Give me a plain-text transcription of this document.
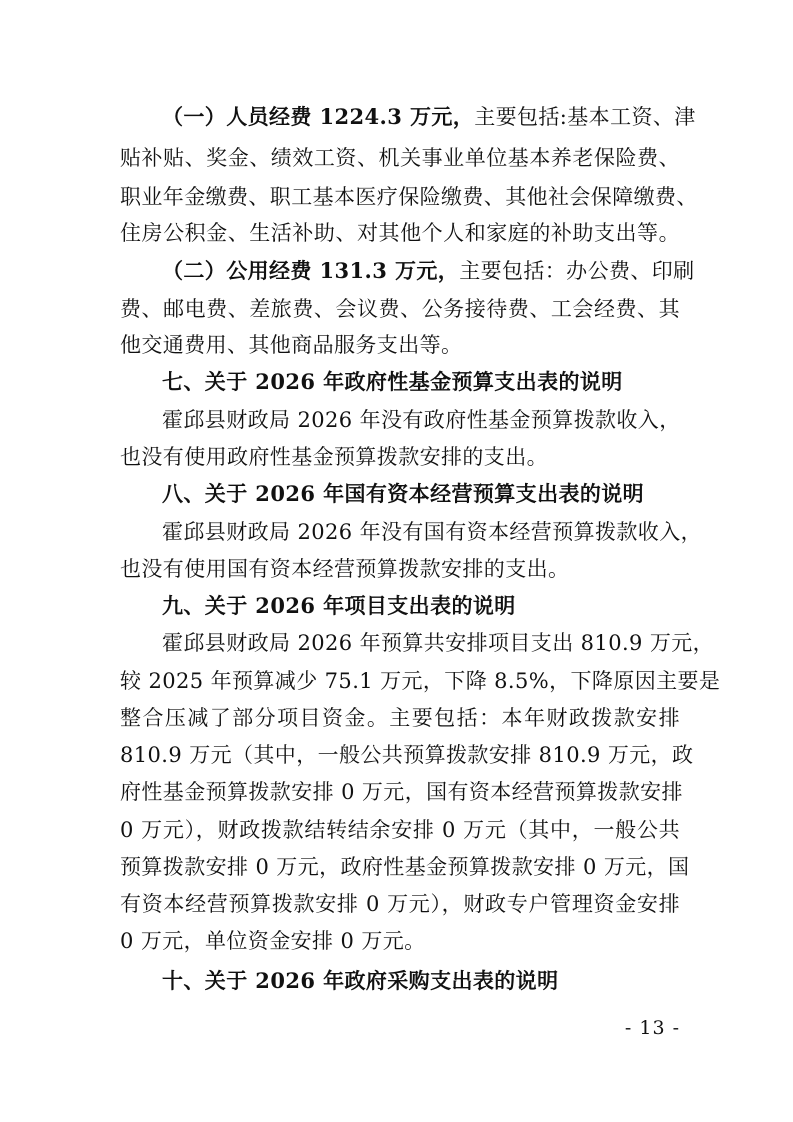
（一）人员经费 1224.3 万元，主要包括:基本工资、津
贴补贴、奖金、绩效工资、机关事业单位基本养老保险费、
职业年金缴费、职工基本医疗保险缴费、其他社会保障缴费、
住房公积金、生活补助、对其他个人和家庭的补助支出等。
（二）公用经费 131.3 万元，主要包括：办公费、印刷
费、邮电费、差旅费、会议费、公务接待费、工会经费、其
他交通费用、其他商品服务支出等。
七、关于 2026 年政府性基金预算支出表的说明
霍邱县财政局 2026 年没有政府性基金预算拨款收入，
也没有使用政府性基金预算拨款安排的支出。
八、关于 2026 年国有资本经营预算支出表的说明
霍邱县财政局 2026 年没有国有资本经营预算拨款收入，
也没有使用国有资本经营预算拨款安排的支出。
九、关于 2026 年项目支出表的说明
霍邱县财政局 2026 年预算共安排项目支出 810.9 万元，
较 2025 年预算减少 75.1 万元，下降 8.5%，下降原因主要是
整合压减了部分项目资金。主要包括：本年财政拨款安排
810.9 万元（其中，一般公共预算拨款安排 810.9 万元，政
府性基金预算拨款安排 0 万元，国有资本经营预算拨款安排
0 万元），财政拨款结转结余安排 0 万元（其中，一般公共
预算拨款安排 0 万元，政府性基金预算拨款安排 0 万元，国
有资本经营预算拨款安排 0 万元），财政专户管理资金安排
0 万元，单位资金安排 0 万元。
十、关于 2026 年政府采购支出表的说明
- 13 -
